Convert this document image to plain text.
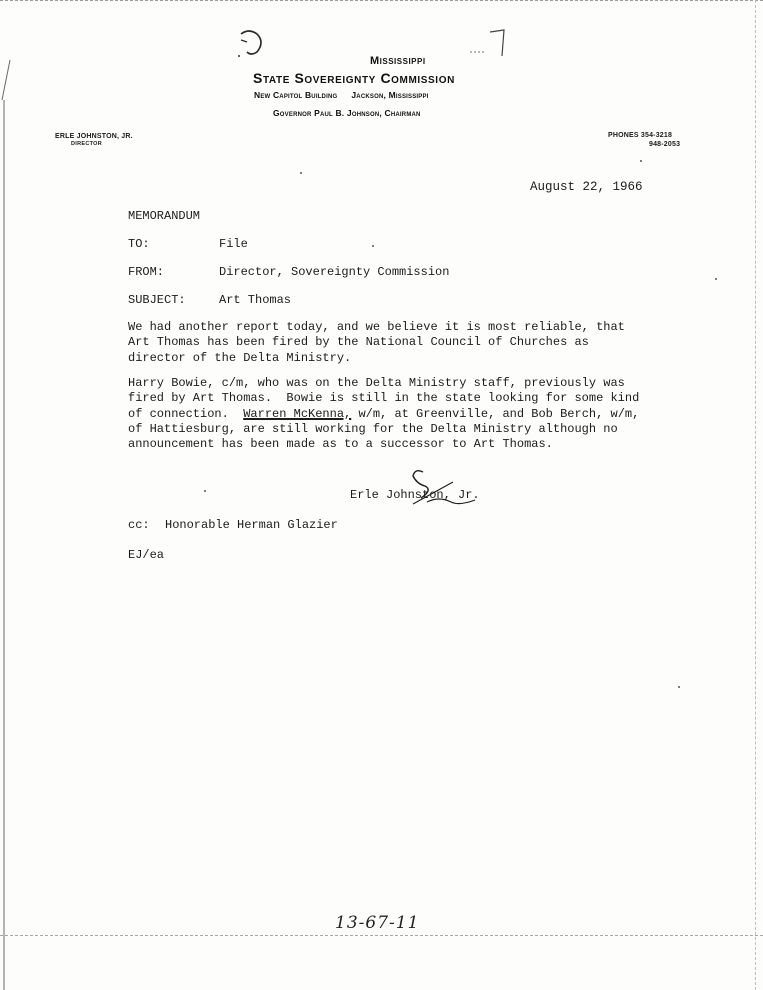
Mississippi

State Sovereignty Commission

New Capitol Building Jackson, Mississippi

Governor Paul B. Johnson, Chairman

ERLE JOHNSTON, JR.

DIRECTOR

PHONES 354-3218

948-2053

August 22, 1966

MEMORANDUM

TO:	File

FROM:	Director, Sovereignty Commission

SUBJECT:	Art Thomas

We had another report today, and we believe it is most reliable, that
Art Thomas has been fired by the National Council of Churches as
director of the Delta Ministry.
Harry Bowie, c/m, who was on the Delta Ministry staff, previously was
fired by Art Thomas.  Bowie is still in the state looking for some kind
of connection.  Warren McKenna, w/m, at Greenville, and Bob Berch, w/m,
of Hattiesburg, are still working for the Delta Ministry although no
announcement has been made as to a successor to Art Thomas.

Erle Johnston, Jr.

cc: Honorable Herman Glazier

EJ/ea

13-67-11
